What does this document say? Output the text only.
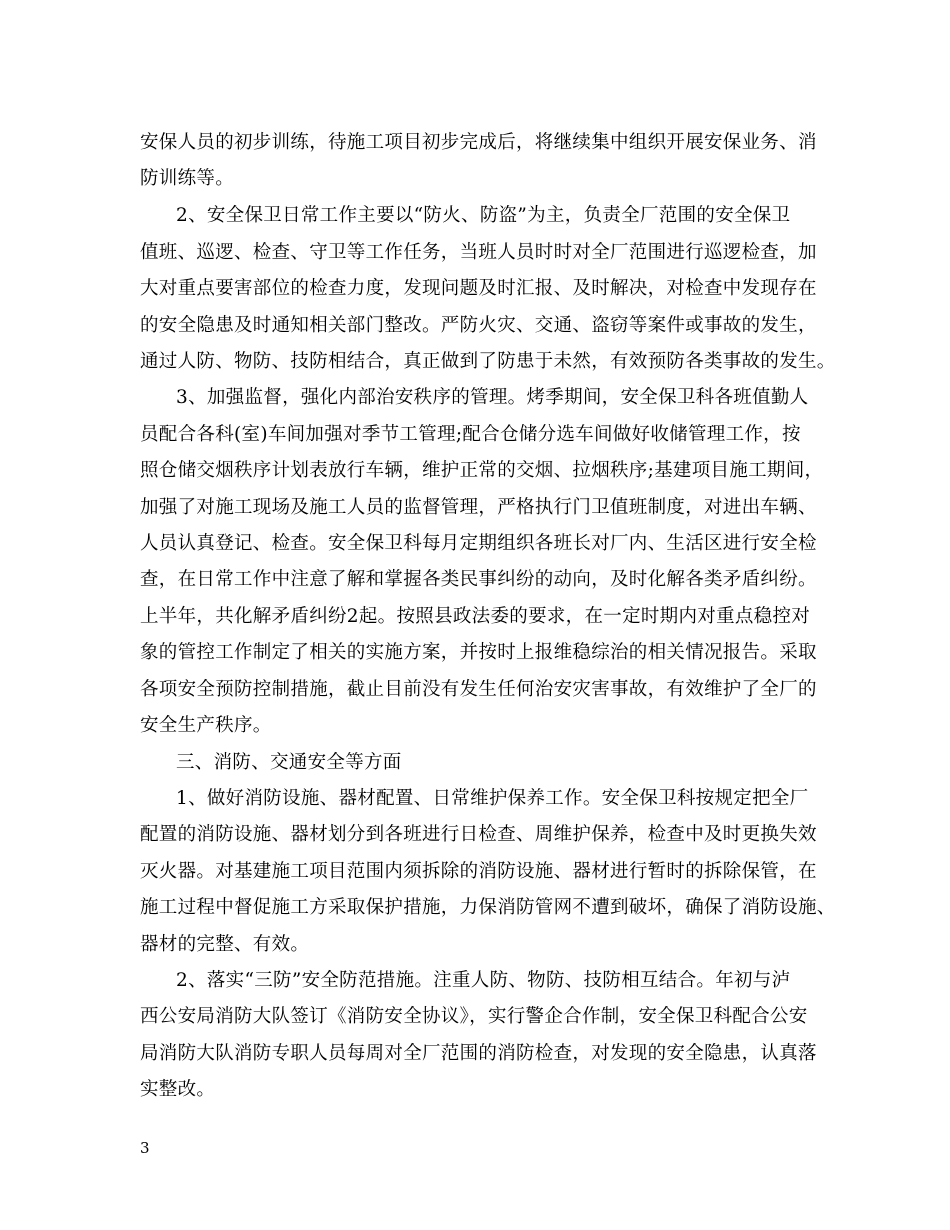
安保人员的初步训练，待施工项目初步完成后，将继续集中组织开展安保业务、消
防训练等。
2、安全保卫日常工作主要以“防火、防盗”为主，负责全厂范围的安全保卫
值班、巡逻、检查、守卫等工作任务，当班人员时时对全厂范围进行巡逻检查，加
大对重点要害部位的检查力度，发现问题及时汇报、及时解决，对检查中发现存在
的安全隐患及时通知相关部门整改。严防火灾、交通、盗窃等案件或事故的发生，
通过人防、物防、技防相结合，真正做到了防患于未然，有效预防各类事故的发生。
3、加强监督，强化内部治安秩序的管理。烤季期间，安全保卫科各班值勤人
员配合各科(室)车间加强对季节工管理;配合仓储分选车间做好收储管理工作，按
照仓储交烟秩序计划表放行车辆，维护正常的交烟、拉烟秩序;基建项目施工期间，
加强了对施工现场及施工人员的监督管理，严格执行门卫值班制度，对进出车辆、
人员认真登记、检查。安全保卫科每月定期组织各班长对厂内、生活区进行安全检
查，在日常工作中注意了解和掌握各类民事纠纷的动向，及时化解各类矛盾纠纷。
上半年，共化解矛盾纠纷2起。按照县政法委的要求，在一定时期内对重点稳控对
象的管控工作制定了相关的实施方案，并按时上报维稳综治的相关情况报告。采取
各项安全预防控制措施，截止目前没有发生任何治安灾害事故，有效维护了全厂的
安全生产秩序。
三、消防、交通安全等方面
1、做好消防设施、器材配置、日常维护保养工作。安全保卫科按规定把全厂
配置的消防设施、器材划分到各班进行日检查、周维护保养，检查中及时更换失效
灭火器。对基建施工项目范围内须拆除的消防设施、器材进行暂时的拆除保管，在
施工过程中督促施工方采取保护措施，力保消防管网不遭到破坏，确保了消防设施、
器材的完整、有效。
2、落实“三防”安全防范措施。注重人防、物防、技防相互结合。年初与泸
西公安局消防大队签订《消防安全协议》，实行警企合作制，安全保卫科配合公安
局消防大队消防专职人员每周对全厂范围的消防检查，对发现的安全隐患，认真落
实整改。
3
